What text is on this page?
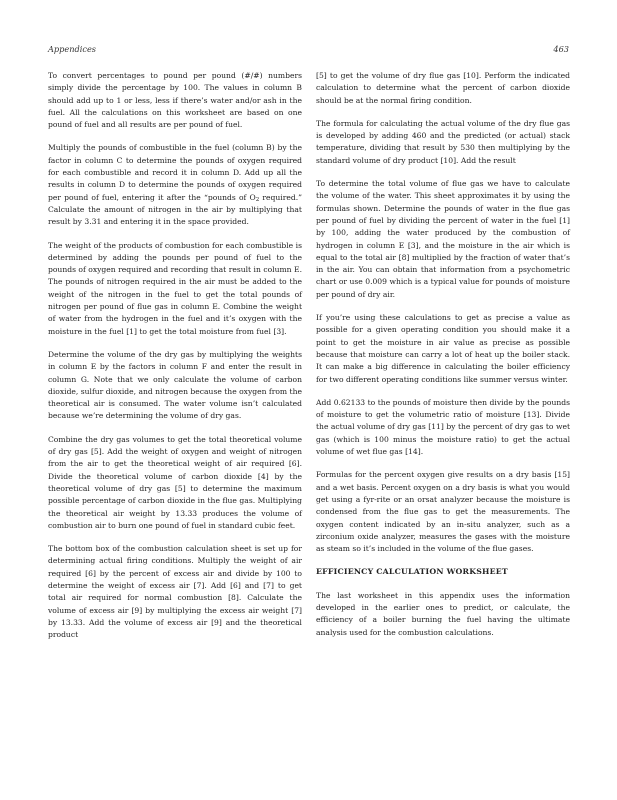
Appendices	463

To convert percentages to pound per pound (#/#) numbers simply divide the percentage by 100. The values in column B should add up to 1 or less, less if there’s water and/or ash in the fuel. All the calculations on this worksheet are based on one pound of fuel and all results are per pound of fuel.

Multiply the pounds of combustible in the fuel (column B) by the factor in column C to determine the pounds of oxygen required for each combustible and record it in column D. Add up all the results in column D to determine the pounds of oxygen required per pound of fuel, entering it after the “pounds of $O_2$ required.” Calculate the amount of nitrogen in the air by multiplying that result by 3.31 and entering it in the space provided.

The weight of the products of combustion for each combustible is determined by adding the pounds per pound of fuel to the pounds of oxygen required and recording that result in column E. The pounds of nitrogen required in the air must be added to the weight of the nitrogen in the fuel to get the total pounds of nitrogen per pound of flue gas in column E. Combine the weight of water from the hydrogen in the fuel and it’s oxygen with the moisture in the fuel [1] to get the total moisture from fuel [3].

Determine the volume of the dry gas by multiplying the weights in column E by the factors in column F and enter the result in column G. Note that we only calculate the volume of carbon dioxide, sulfur dioxide, and nitrogen because the oxygen from the theoretical air is consumed. The water volume isn’t calculated because we’re determining the volume of dry gas.

Combine the dry gas volumes to get the total theoretical volume of dry gas [5]. Add the weight of oxygen and weight of nitrogen from the air to get the theoretical weight of air required [6]. Divide the theoretical volume of carbon dioxide [4] by the theoretical volume of dry gas [5] to determine the maximum possible percentage of carbon dioxide in the flue gas. Multiplying the theoretical air weight by 13.33 produces the volume of combustion air to burn one pound of fuel in standard cubic feet.

The bottom box of the combustion calculation sheet is set up for determining actual firing conditions. Multiply the weight of air required [6] by the percent of excess air and divide by 100 to determine the weight of excess air [7]. Add [6] and [7] to get total air required for normal combustion [8]. Calculate the volume of excess air [9] by multiplying the excess air weight [7] by 13.33. Add the volume of excess air [9] and the theoretical product

[5] to get the volume of dry flue gas [10]. Perform the indicated calculation to determine what the percent of carbon dioxide should be at the normal firing condition.

The formula for calculating the actual volume of the dry flue gas is developed by adding 460 and the predicted (or actual) stack temperature, dividing that result by 530 then multiplying by the standard volume of dry product [10]. Add the result

To determine the total volume of flue gas we have to calculate the volume of the water. This sheet approximates it by using the formulas shown. Determine the pounds of water in the flue gas per pound of fuel by dividing the percent of water in the fuel [1] by 100, adding the water produced by the combustion of hydrogen in column E [3], and the moisture in the air which is equal to the total air [8] multiplied by the fraction of water that’s in the air. You can obtain that information from a psychometric chart or use 0.009 which is a typical value for pounds of moisture per pound of dry air.

If you’re using these calculations to get as precise a value as possible for a given operating condition you should make it a point to get the moisture in air value as precise as possible because that moisture can carry a lot of heat up the boiler stack. It can make a big difference in calculating the boiler efficiency for two different operating conditions like summer versus winter.

Add 0.62133 to the pounds of moisture then divide by the pounds of moisture to get the volumetric ratio of moisture [13]. Divide the actual volume of dry gas [11] by the percent of dry gas to wet gas (which is 100 minus the moisture ratio) to get the actual volume of wet flue gas [14].

Formulas for the percent oxygen give results on a dry basis [15] and a wet basis. Percent oxygen on a dry basis is what you would get using a fyr-rite or an orsat analyzer because the moisture is condensed from the flue gas to get the measurements. The oxygen content indicated by an in-situ analyzer, such as a zirconium oxide analyzer, measures the gases with the moisture as steam so it’s included in the volume of the flue gases.

EFFICIENCY CALCULATION WORKSHEET

The last worksheet in this appendix uses the information developed in the earlier ones to predict, or calculate, the efficiency of a boiler burning the fuel having the ultimate analysis used for the combustion calculations.
